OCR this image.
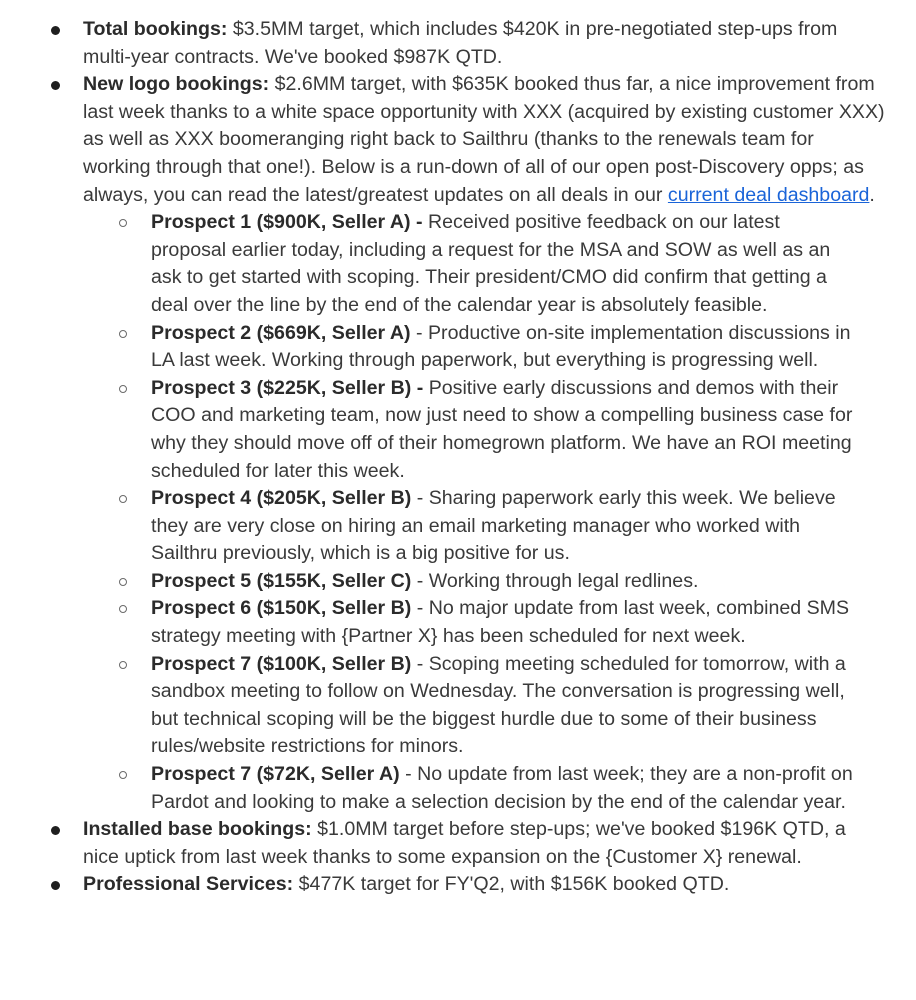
Total bookings: $3.5MM target, which includes $420K in pre-negotiated step-ups from multi-year contracts. We've booked $987K QTD.
New logo bookings: $2.6MM target, with $635K booked thus far, a nice improvement from last week thanks to a white space opportunity with XXX (acquired by existing customer XXX) as well as XXX boomeranging right back to Sailthru (thanks to the renewals team for working through that one!). Below is a run-down of all of our open post-Discovery opps; as always, you can read the latest/greatest updates on all deals in our current deal dashboard.
Prospect 1 ($900K, Seller A) - Received positive feedback on our latest proposal earlier today, including a request for the MSA and SOW as well as an ask to get started with scoping. Their president/CMO did confirm that getting a deal over the line by the end of the calendar year is absolutely feasible.
Prospect 2 ($669K, Seller A) - Productive on-site implementation discussions in LA last week. Working through paperwork, but everything is progressing well.
Prospect 3 ($225K, Seller B) - Positive early discussions and demos with their COO and marketing team, now just need to show a compelling business case for why they should move off of their homegrown platform. We have an ROI meeting scheduled for later this week.
Prospect 4 ($205K, Seller B) - Sharing paperwork early this week. We believe they are very close on hiring an email marketing manager who worked with Sailthru previously, which is a big positive for us.
Prospect 5 ($155K, Seller C) - Working through legal redlines.
Prospect 6 ($150K, Seller B) - No major update from last week, combined SMS strategy meeting with {Partner X} has been scheduled for next week.
Prospect 7 ($100K, Seller B) - Scoping meeting scheduled for tomorrow, with a sandbox meeting to follow on Wednesday. The conversation is progressing well, but technical scoping will be the biggest hurdle due to some of their business rules/website restrictions for minors.
Prospect 7 ($72K, Seller A) - No update from last week; they are a non-profit on Pardot and looking to make a selection decision by the end of the calendar year.
Installed base bookings: $1.0MM target before step-ups; we've booked $196K QTD, a nice uptick from last week thanks to some expansion on the {Customer X} renewal.
Professional Services: $477K target for FY'Q2, with $156K booked QTD.
